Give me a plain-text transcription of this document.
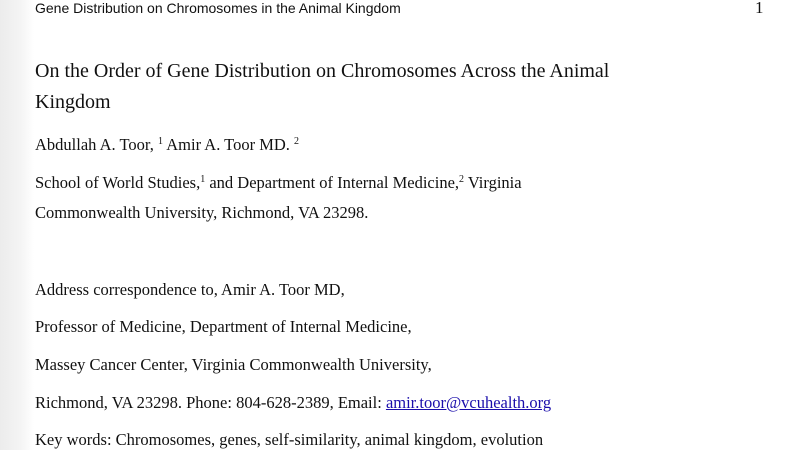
Gene Distribution on Chromosomes in the Animal Kingdom	1
On the Order of Gene Distribution on Chromosomes Across the Animal Kingdom
Abdullah A. Toor, $^1$ Amir A. Toor MD. $^2$
School of World Studies,$^1$ and Department of Internal Medicine,$^2$ Virginia
Commonwealth University, Richmond, VA 23298.
Address correspondence to, Amir A. Toor MD,
Professor of Medicine, Department of Internal Medicine,
Massey Cancer Center, Virginia Commonwealth University,
Richmond, VA 23298. Phone: 804-628-2389, Email: amir.toor@vcuhealth.org
Key words: Chromosomes, genes, self-similarity, animal kingdom, evolution
